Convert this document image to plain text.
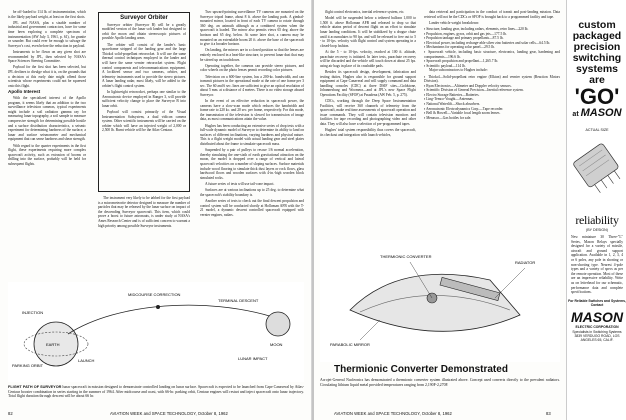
be off-loaded to 114 lb. of instrumentation, which is the likely payload weight, at least on the first shots.

JPL and NASA, plus a sizable number of industrial and government contractors, have for some time been exploring a complete spectrum of instrumentation (AW July 3, 1961, p. 61), for granite or sounder. But could ever be enough to salvage the Surveyor's cost, even before the reduction in payload.

Instruments to be flown on any given shot are recommended by JPL, then selected by NASA's Space Sciences Steering Committee.

Payload for the first shot has been selected, but JPL declines to divulge what it is, on the grounds that a decision at this early date might offend those scientists whose experiments could not be squeezed onto this flight.

Apollo Interest

With the specialized interest of the Apollo program, it seems likely that an addition to the two surveillance television cameras, typical experiments might include a soil radiation gamma ray for measuring lunar topography, a soil sample to measure compressive strength for determining possible hostile and a surface distribution characteristics, a seismic experiment for determining hardness of the surface, a lunar and surface seismometer and mechanical equipment that can sense hardness and shear strength.

With regard to the quarter experiments in the first flight, these experiments requiring more complex spacecraft activity, such as extrusion of booms or drilling into the surface, probably will be held for subsequent flights.

Surveyor Orbiter

Surveyor orbiter (Surveyor B) will be a greatly modified version of the lunar soft lander but designed to orbit the moon and obtain stereoscopic pictures of possible Apollo landing areas.

The orbiter will consist of the lander's basic spaceframe stripped of the landing gear and the large Thiokol solid-propellant retrorocket. It will use the same thermal control techniques employed in the lander and will have the same vernier retrorocket system. Flight control components and telecommunications equipment. A lockheed sensor and two cameras, orbiter, and telemetry instruments used to provide the stereo pictures. A lunar landing radar, most likely, will be added to the orbiter's flight control system.

In lightweight retrorocket, perhaps one similar to the Aeronutronic device employed in Ranger 3, will provide sufficient velocity change to place the Surveyor B into lunar orbit.

Payload will consist primarily of the Visual Instrumentation Subsystem, a dual vidicon camera system. Other scientific instruments will be carried on the orbiter which will have an injected weight of 2,000 or 2,500 lb. Burnt vehicle will be the Atlas-Centaur.

The instrument very likely to be tabbed for the first payload is a micrometeorite detector designed to measure the number of particles that may be released by the lunar surface on impact of the descending Surveyor spacecraft. This item, which could prove a boost to future astronauts, is under study at NASA's Ames Research Center and is of sufficient concern to warrant a high priority among possible Surveyor instruments.

Two upward-pointing surveillance TV cameras are mounted on the Surveyor tripod frame, about 8 ft. above the landing pads. A gimbal-mounted mirror, located in front of each TV camera to rotate through 360 deg. an azimuth although as a combined system when the spacecraft is loaded. The mirror also permits views 65 deg. above the horizon and 65 deg. below. At some later shot, a camera may be mounted on an extendable boom 20 ft. above the base of the spacecraft to give it a broader horizon.

On landing, the mirrors are in a closed position so that the lenses are entirely enclosed in a heat-like structure, to prevent lunar dust that may be stirred up on touchdown.

Operating together, the cameras can provide stereo pictures, and color wheels on the photo lenses permit recording color pictures.

Television on a 600-line system, has a 200-kc. bandwidth, and can transmit pictures in the operational mode at the rate of one frame per 3 sec. The 60 and 6 sec. lines are sufficient to give an optical resolution of about 5 mm. at a distance of 4 meters. There is no video storage aboard Surveyor.

In the event of an effective reduction in spacecraft power, the cameras have a slow-scan mode which reduces the bandwidth and frame rate to 220 kc. and 20 sec. per frame, respectively. For this mode, the transmission of the television is slowed for transmission of image data, as most communications attain the value.

Hughes has been conducting an extensive series of drop tests with a full-scale dynamic model of Surveyor to determine its ability to land on surfaces of different inclinations, varying hardness and physical nature. This is a flight weight model with actual landing gear and steel plates distributed about the frame to simulate spacecraft mass.

Suspended by a pair of pulleys to rescue 1/6 normal acceleration, thereby simulating the one-sixth of earth gravitational attraction on the moon, the model is dropped over a range of vertical and lateral spacecraft velocities on a number of sloping surfaces. Surface materials include wood flooring to simulate thick dust layers or rock flows, glass hardwood floors and wooden surfaces with 4-in.-high wooden block simulated rocks.

A future series of tests will use tail-cone impact.

Surfaces are at various inclinations up to 25 deg. to determine what the spacecraft's stability boundary is.

Another series of tests to check out the final descent propulsion and control system will be conducted shortly at Holloman AFB with the T-21 model, a dynamic descent controlled spacecraft equipped with vernier engines, radars.

INJECTION
PARKING ORBIT
LAUNCH
MIDCOURSE CORRECTION
EARTH	MOON
TERMINAL DESCENT
LUNAR IMPACT
FLIGHT PATH OF SURVEYOR lunar spacecraft in mission designed to demonstrate controlled landing on lunar surface. Spacecraft is expected to be launched from Cape Canaveral by Atlas-Centaur booster combination in series starting in the summer of 1964. After midcourse and coast, with 66-hr. parking orbit, Centaur engines will restart and inject spacecraft onto lunar trajectory. Total flight duration through descent will be about 66 hr.
82	AVIATION WEEK and SPACE TECHNOLOGY, October 8, 1962

flight control electronics, inertial reference system, etc.

Model will be suspended below a tethered balloon 1,000 to 1,500 ft. above Holloman AFB and released to drop so that vehicle attains period of descent flight on an effort to simulate lunar landing conditions. It will be stabilized by a drogue chute until it accumulates to 90 fps. and will be released to free out to 5 - to 10-fps. velocity with flight control and system operating in a closed-loop fashion.

At the 5 - to 10-fps. velocity, reached at 100 ft. altitude, parachute recovery is initiated. In later tests, parachute recovery will be discarded and the vehicle will touch down at about 25 fps. using air bags in place of its crushable pads.

Besides its spacecraft design, development, fabrication and testing duties, Hughes also is responsible for ground support equipment at Cape Canaveral and will supply command and data handling consoles (CDC) at three DSIF sites—Goldstone, Johannesburg and Woomera—and at JPL's new Space Flight Operations Facility (SFOF) at Pasadena (AW Feb. 5, p. 275).

CDCs, working through the Deep Space Instrumentation Facilities, will receive 360 channels of telemetry from the spacecraft, make real time assessments of spacecraft operation and issue commands. They will contain television monitors and facilities for tape recording and photographing video and other data. They will also have a selection of pre-programmed tapes.

Hughes' total system responsibility thus covers the spacecraft, its checkout and integration with launch vehicles,

data retrieval and participation in the conduct of transit and post-landing mission. Data retrieval will not be the CDCs or SFOF is brought back to a programmed facility and tape.

Lander vehicle weight breakdown:

▪ Structure, landing gear, including radars, elements, retro lines—220 lb.
▪ Propulsion, engines, gyros, orbit and gas jets—177.5 lb.
▪ Propulsion tankage and primary propellants—87.5 lb.
▪ Electrical power, including recharge-able silver zinc batteries and solar cells—64.5 lb.
▪ Mechanisms for operating solar panel—29.5 lb.
▪ Spacecraft vehicle, including basic structure, electronics, landing gear, hardening and compartments—196.6 lb.
▪ Spacecraft propulsion and propellant—1,265.7 lb.
▪ Scientific payload—114 lb.

Major subcontractors to Hughes include:

▪ Thiokol—Solid-propellant retro engine (Elkton) and vernier system (Reaction Motors Division).
▪ Ryan Electronics—Altimeter and Doppler velocity sensors.
▪ Scientific Division of General Precision—Inertial reference system.
▪ Electro Storage Batteries—Batteries.
▪ Ling-Temco-Vought—Antennas.
▪ National Waterlift—Shock absorbers.
▪ Aeronutronic Electrodynamics Corp.—Tape recorder.
▪ Bell & Howell—Variable focal length zoom lenses.
▪ Menasco—Gas bottles for sale.
THERMIONIC CONVERTER
PARABOLIC MIRROR
RADIATOR
Thermionic Converter Demonstrated
Acrojet-General Nucleonics has demonstrated a thermionic converter system illustrated above. Concept used converts directly to the prevalent radiators. Circulating lithium liquid metal provided temperatures ranging from 2,190F-2,270F.
AVIATION WEEK and SPACE TECHNOLOGY, October 8, 1962	83
custom
packaged
precision
switching
systems
are
'GO'
at MASON
ACTUAL SIZE
reliability
(BY DESIGN)
New miniature 30 Three-"L" Series, Mason Relays specially designed for a variety of missile, aircraft and ground support application. Available in 1, 2, 3, 4 or 6 poles, any pole in shorting or non-shorting type. Nearest 4-pole types and a variety of specs as per the remote operation. Most of these are an impressive reliability. Write us on letterhead for our schematic, performance data and complete specifications.
For Reliable Switches and Systems, Contact
MASON
ELECTRIC CORPORATION
Specialists in Switching Systems
3839 VERDUGO ROAD, LOS ANGELES 65, CALIF.
